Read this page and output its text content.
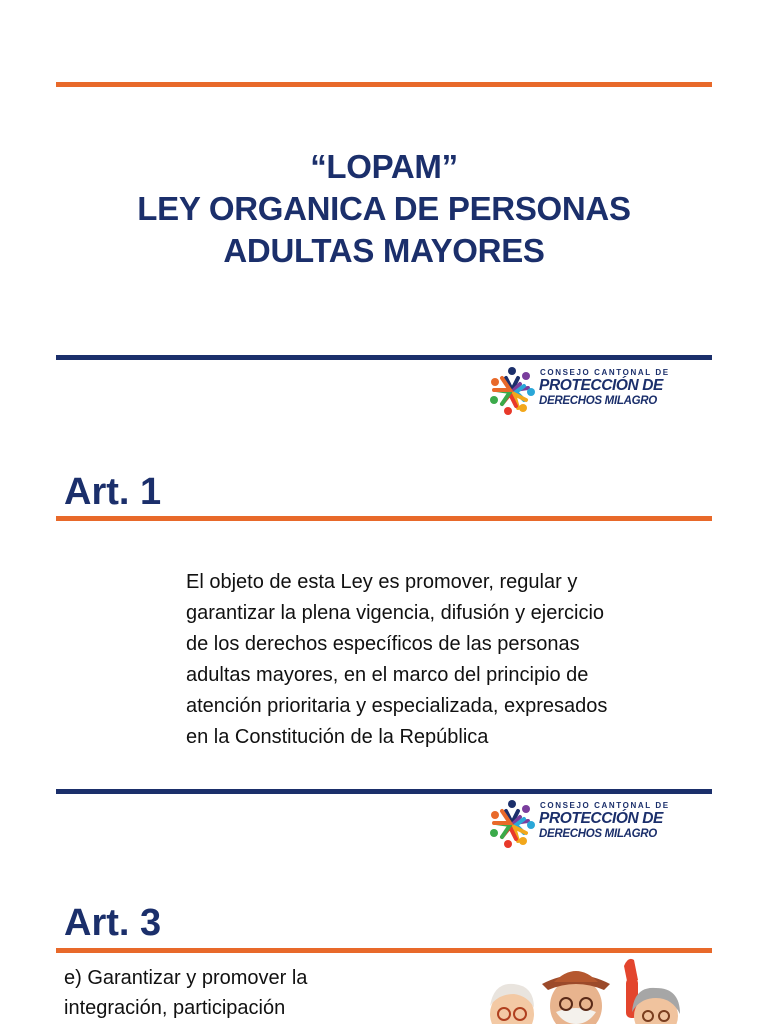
“LOPAM”
LEY ORGANICA DE PERSONAS
ADULTAS MAYORES
CONSEJO CANTONAL DE
PROTECCIÓN DE
DERECHOS MILAGRO
Art. 1
El objeto de esta Ley es promover, regular y
garantizar la plena vigencia, difusión y ejercicio
de los derechos específicos de las personas
adultas mayores, en el marco del principio de
atención prioritaria y especializada, expresados
en la Constitución de la República
CONSEJO CANTONAL DE
PROTECCIÓN DE
DERECHOS MILAGRO
Art. 3
e) Garantizar y promover la
integración, participación
